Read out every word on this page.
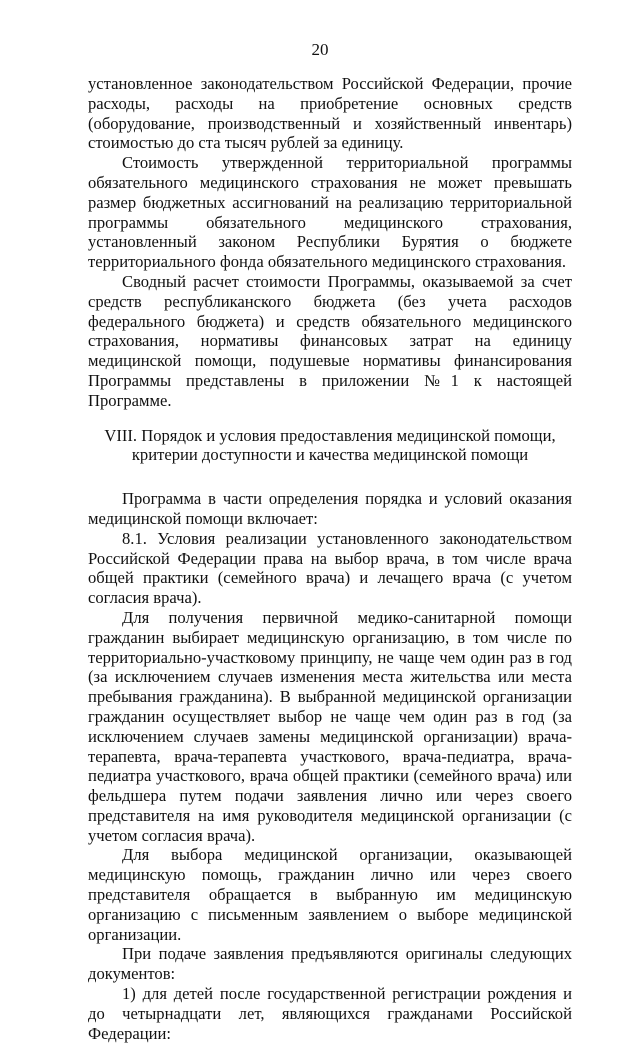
20

установленное законодательством Российской Федерации, прочие расходы, расходы на приобретение основных средств (оборудование, производственный и хозяйственный инвентарь) стоимостью до ста тысяч рублей за единицу.

Стоимость утвержденной территориальной программы обязательного медицинского страхования не может превышать размер бюджетных ассигнований на реализацию территориальной программы обязательного медицинского страхования, установленный законом Республики Бурятия о бюджете территориального фонда обязательного медицинского страхования.

Сводный расчет стоимости Программы, оказываемой за счет средств республиканского бюджета (без учета расходов федерального бюджета) и средств обязательного медицинского страхования, нормативы финансовых затрат на единицу медицинской помощи, подушевые нормативы финансирования Программы представлены в приложении №1 к настоящей Программе.

VIII. Порядок и условия предоставления медицинской помощи,
критерии доступности и качества медицинской помощи

Программа в части определения порядка и условий оказания медицинской помощи включает:

8.1. Условия реализации установленного законодательством Российской Федерации права на выбор врача, в том числе врача общей практики (семейного врача) и лечащего врача (с учетом согласия врача).

Для получения первичной медико-санитарной помощи гражданин выбирает медицинскую организацию, в том числе по территориально-участковому принципу, не чаще чем один раз в год (за исключением случаев изменения места жительства или места пребывания гражданина). В выбранной медицинской организации гражданин осуществляет выбор не чаще чем один раз в год (за исключением случаев замены медицинской организации) врача-терапевта, врача-терапевта участкового, врача-педиатра, врача-педиатра участкового, врача общей практики (семейного врача) или фельдшера путем подачи заявления лично или через своего представителя на имя руководителя медицинской организации (с учетом согласия врача).

Для выбора медицинской организации, оказывающей медицинскую помощь, гражданин лично или через своего представителя обращается в выбранную им медицинскую организацию с письменным заявлением о выборе медицинской организации.

При подаче заявления предъявляются оригиналы следующих документов:

1) для детей после государственной регистрации рождения и до четырнадцати лет, являющихся гражданами Российской Федерации:
